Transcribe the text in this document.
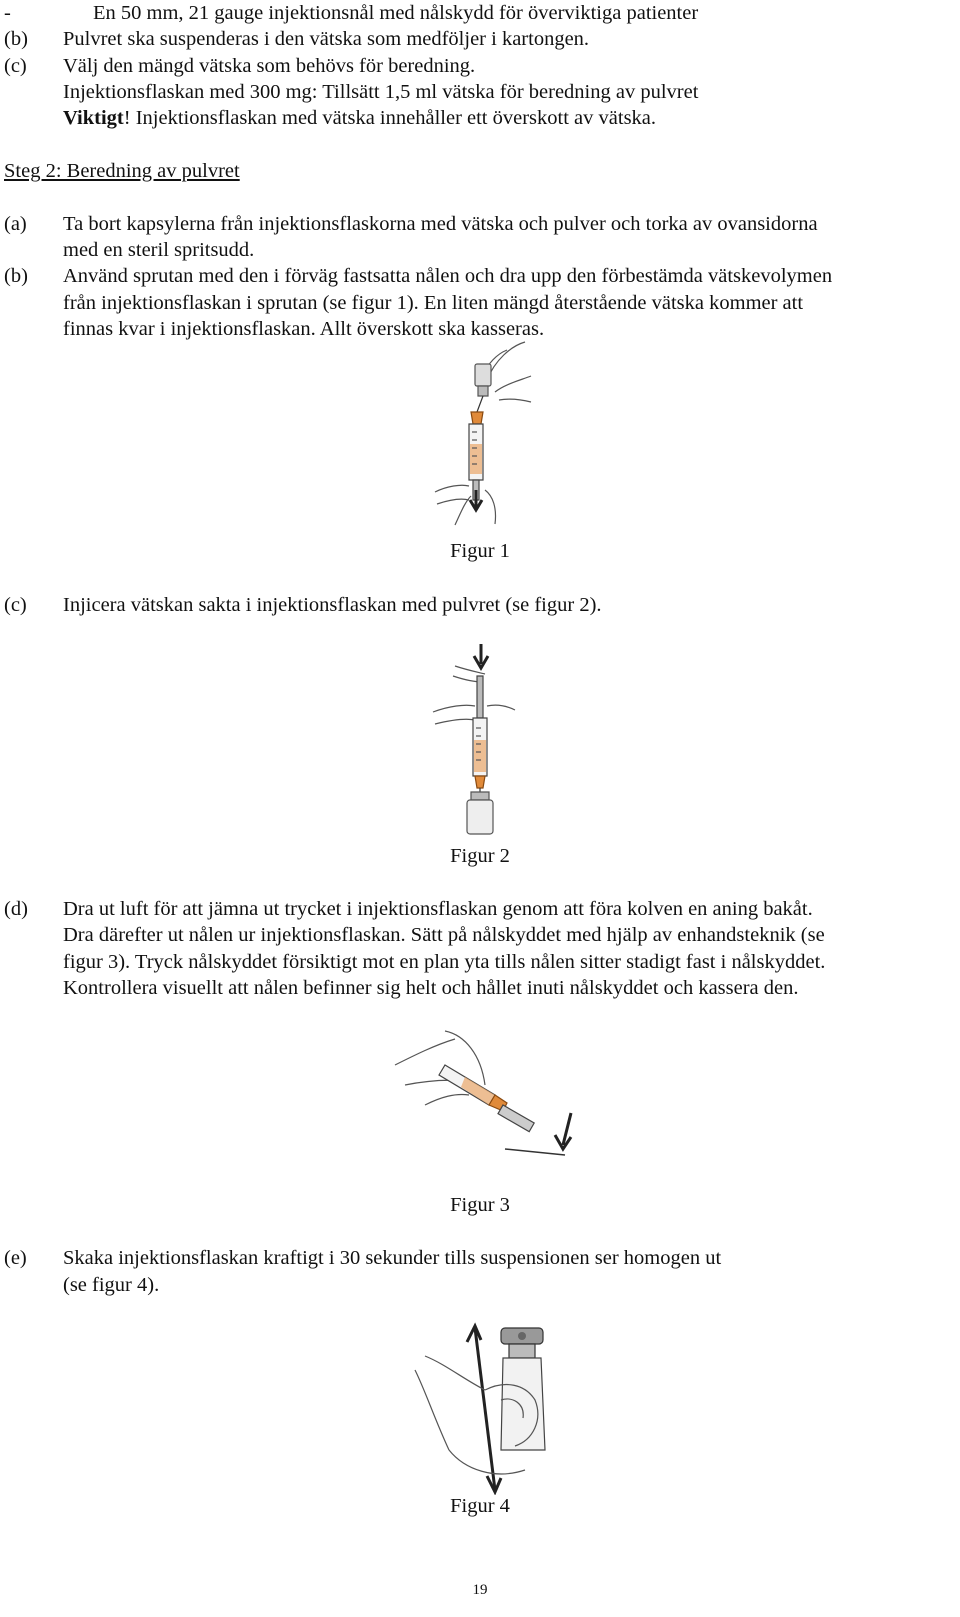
-	En 50 mm, 21 gauge injektionsnål med nålskydd för överviktiga patienter
(b) Pulvret ska suspenderas i den vätska som medföljer i kartongen.
(c) Välj den mängd vätska som behövs för beredning.
Injektionsflaskan med 300 mg: Tillsätt 1,5 ml vätska för beredning av pulvret
Viktigt! Injektionsflaskan med vätska innehåller ett överskott av vätska.
Steg 2: Beredning av pulvret
(a) Ta bort kapsylerna från injektionsflaskorna med vätska och pulver och torka av ovansidorna
med en steril spritsudd.
(b) Använd sprutan med den i förväg fastsatta nålen och dra upp den förbestämda vätskevolymen
från injektionsflaskan i sprutan (se figur 1). En liten mängd återstående vätska kommer att
finnas kvar i injektionsflaskan. Allt överskott ska kasseras.
Figur 1
(c) Injicera vätskan sakta i injektionsflaskan med pulvret (se figur 2).
Figur 2
(d) Dra ut luft för att jämna ut trycket i injektionsflaskan genom att föra kolven en aning bakåt.
Dra därefter ut nålen ur injektionsflaskan. Sätt på nålskyddet med hjälp av enhandsteknik (se
figur 3). Tryck nålskyddet försiktigt mot en plan yta tills nålen sitter stadigt fast i nålskyddet.
Kontrollera visuellt att nålen befinner sig helt och hållet inuti nålskyddet och kassera den.
Figur 3
(e) Skaka injektionsflaskan kraftigt i 30 sekunder tills suspensionen ser homogen ut
(se figur 4).
Figur 4
19
